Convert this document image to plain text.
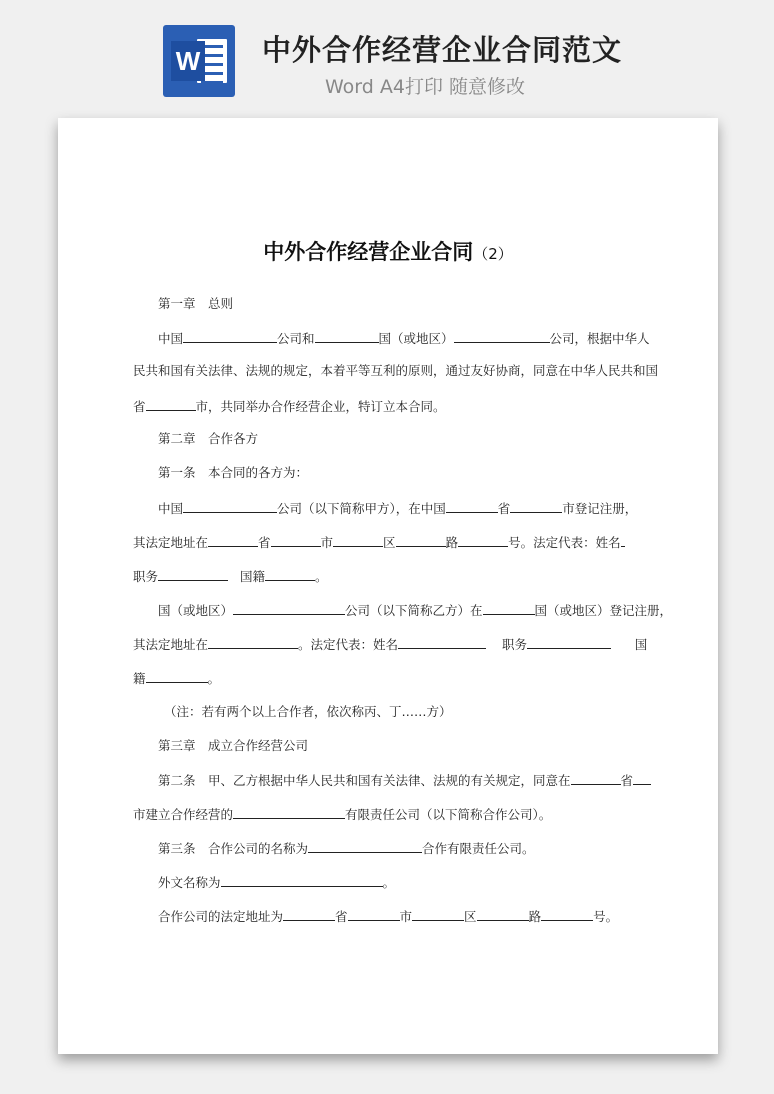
W 中外合作经营企业合同范文
Word A4打印 随意修改
中外合作经营企业合同（2）
第一章　总则
中国	公司和	国（或地区）	公司，根据中华人
民共和国有关法律、法规的规定，本着平等互利的原则，通过友好协商，同意在中华人民共和国
省	市，共同举办合作经营企业，特订立本合同。
第二章　合作各方
第一条　本合同的各方为：
中国	公司（以下简称甲方），在中国	省	市登记注册，
其法定地址在	省	市	区	路	号。法定代表：姓名
职务	国籍	。
国（或地区）	公司（以下简称乙方）在	国（或地区）登记注册，
其法定地址在	。法定代表：姓名	职务	国
籍	。
（注：若有两个以上合作者，依次称丙、丁……方）
第三章　成立合作经营公司
第二条　甲、乙方根据中华人民共和国有关法律、法规的有关规定，同意在	省
市建立合作经营的	有限责任公司（以下简称合作公司）。
第三条　合作公司的名称为	合作有限责任公司。
外文名称为	。
合作公司的法定地址为	省	市	区	路	号。
